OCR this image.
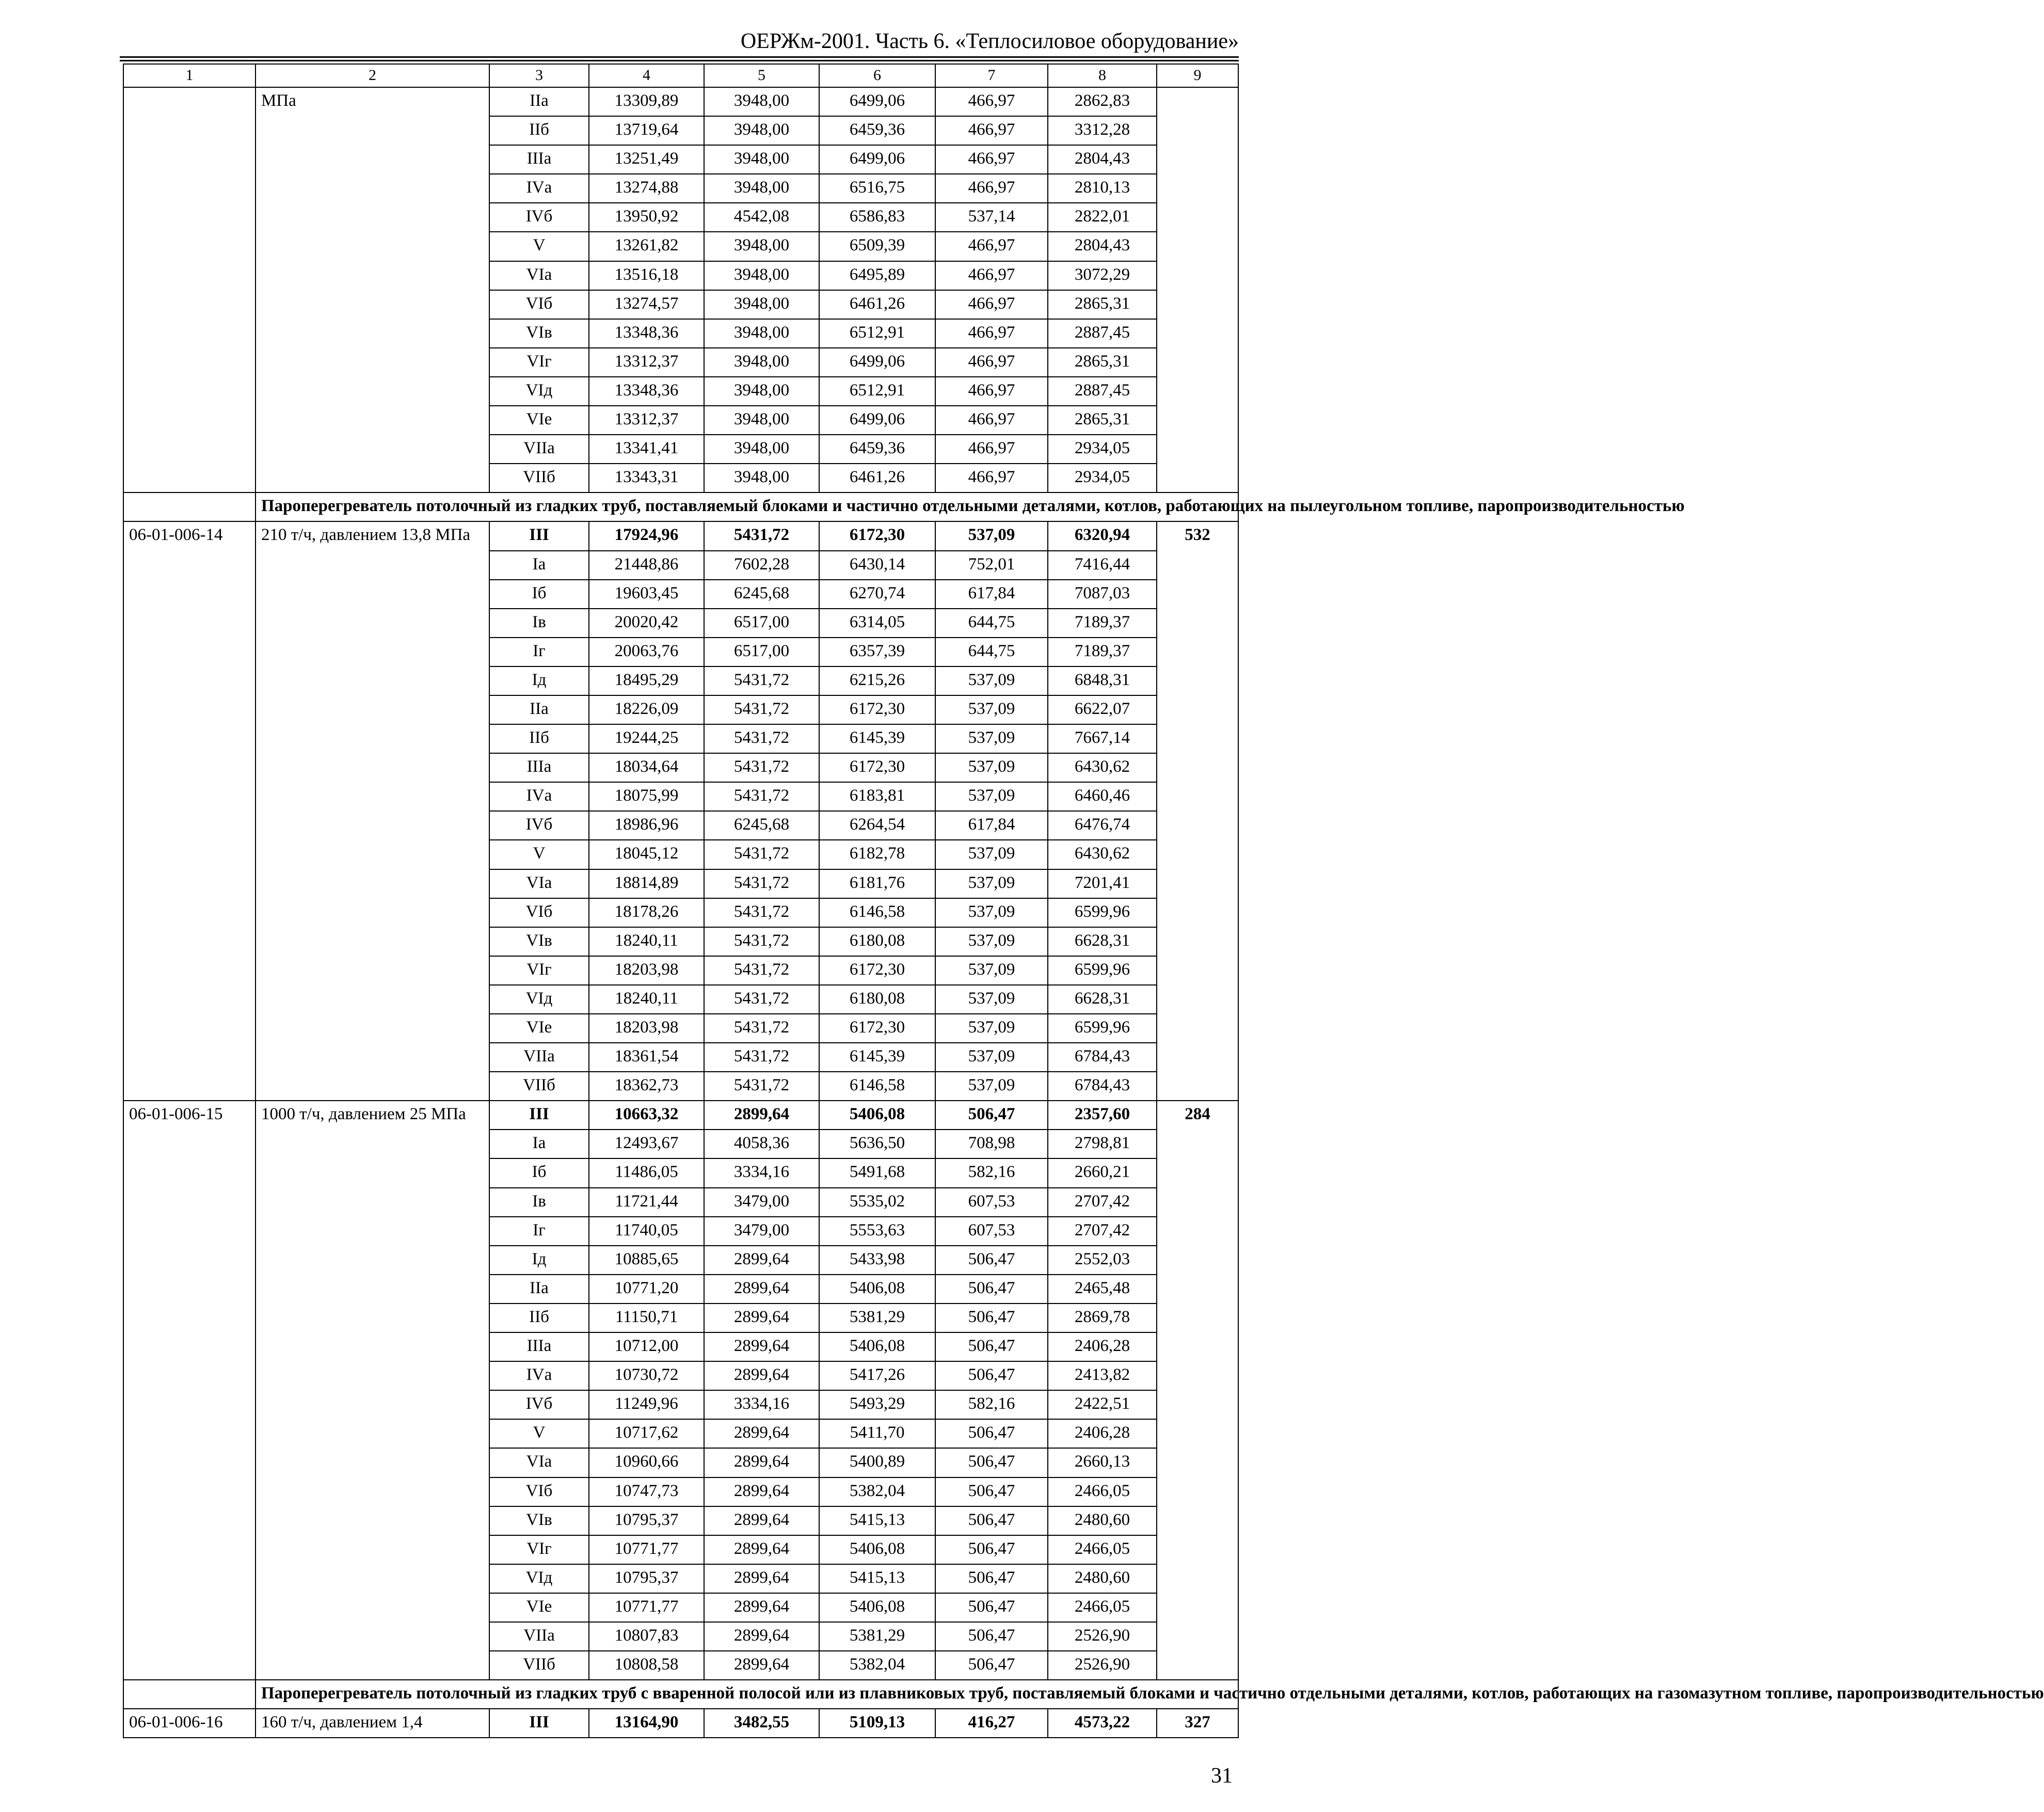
ОЕРЖм-2001. Часть 6. «Теплосиловое оборудование»
1	2	3	4	5	6	7	8	9
	МПа	IIа	13309,89	3948,00	6499,06	466,97	2862,83	
		IIб	13719,64	3948,00	6459,36	466,97	3312,28	
		IIIа	13251,49	3948,00	6499,06	466,97	2804,43	
		IVа	13274,88	3948,00	6516,75	466,97	2810,13	
		IVб	13950,92	4542,08	6586,83	537,14	2822,01	
		V	13261,82	3948,00	6509,39	466,97	2804,43	
		VIа	13516,18	3948,00	6495,89	466,97	3072,29	
		VIб	13274,57	3948,00	6461,26	466,97	2865,31	
		VIв	13348,36	3948,00	6512,91	466,97	2887,45	
		VIг	13312,37	3948,00	6499,06	466,97	2865,31	
		VIд	13348,36	3948,00	6512,91	466,97	2887,45	
		VIе	13312,37	3948,00	6499,06	466,97	2865,31	
		VIIа	13341,41	3948,00	6459,36	466,97	2934,05	
		VIIб	13343,31	3948,00	6461,26	466,97	2934,05	
	Пароперегреватель потолочный из гладких труб, поставляемый блоками и частично отдельными деталями, котлов, работающих на пылеугольном топливе, паропроизводительностью							
06-01-006-14	210 т/ч, давлением 13,8 МПа	III	17924,96	5431,72	6172,30	537,09	6320,94	532
		Iа	21448,86	7602,28	6430,14	752,01	7416,44	
		Iб	19603,45	6245,68	6270,74	617,84	7087,03	
		Iв	20020,42	6517,00	6314,05	644,75	7189,37	
		Iг	20063,76	6517,00	6357,39	644,75	7189,37	
		Iд	18495,29	5431,72	6215,26	537,09	6848,31	
		IIа	18226,09	5431,72	6172,30	537,09	6622,07	
		IIб	19244,25	5431,72	6145,39	537,09	7667,14	
		IIIа	18034,64	5431,72	6172,30	537,09	6430,62	
		IVа	18075,99	5431,72	6183,81	537,09	6460,46	
		IVб	18986,96	6245,68	6264,54	617,84	6476,74	
		V	18045,12	5431,72	6182,78	537,09	6430,62	
		VIа	18814,89	5431,72	6181,76	537,09	7201,41	
		VIб	18178,26	5431,72	6146,58	537,09	6599,96	
		VIв	18240,11	5431,72	6180,08	537,09	6628,31	
		VIг	18203,98	5431,72	6172,30	537,09	6599,96	
		VIд	18240,11	5431,72	6180,08	537,09	6628,31	
		VIе	18203,98	5431,72	6172,30	537,09	6599,96	
		VIIа	18361,54	5431,72	6145,39	537,09	6784,43	
		VIIб	18362,73	5431,72	6146,58	537,09	6784,43	
06-01-006-15	1000 т/ч, давлением 25 МПа	III	10663,32	2899,64	5406,08	506,47	2357,60	284
		Iа	12493,67	4058,36	5636,50	708,98	2798,81	
		Iб	11486,05	3334,16	5491,68	582,16	2660,21	
		Iв	11721,44	3479,00	5535,02	607,53	2707,42	
		Iг	11740,05	3479,00	5553,63	607,53	2707,42	
		Iд	10885,65	2899,64	5433,98	506,47	2552,03	
		IIа	10771,20	2899,64	5406,08	506,47	2465,48	
		IIб	11150,71	2899,64	5381,29	506,47	2869,78	
		IIIа	10712,00	2899,64	5406,08	506,47	2406,28	
		IVа	10730,72	2899,64	5417,26	506,47	2413,82	
		IVб	11249,96	3334,16	5493,29	582,16	2422,51	
		V	10717,62	2899,64	5411,70	506,47	2406,28	
		VIа	10960,66	2899,64	5400,89	506,47	2660,13	
		VIб	10747,73	2899,64	5382,04	506,47	2466,05	
		VIв	10795,37	2899,64	5415,13	506,47	2480,60	
		VIг	10771,77	2899,64	5406,08	506,47	2466,05	
		VIд	10795,37	2899,64	5415,13	506,47	2480,60	
		VIе	10771,77	2899,64	5406,08	506,47	2466,05	
		VIIа	10807,83	2899,64	5381,29	506,47	2526,90	
		VIIб	10808,58	2899,64	5382,04	506,47	2526,90	
	Пароперегреватель потолочный из гладких труб с вваренной полосой или из плавниковых труб, поставляемый блоками и частично отдельными деталями, котлов, работающих на газомазутном топливе, паропроизводительностью							
06-01-006-16	160 т/ч, давлением 1,4	III	13164,90	3482,55	5109,13	416,27	4573,22	327
31
